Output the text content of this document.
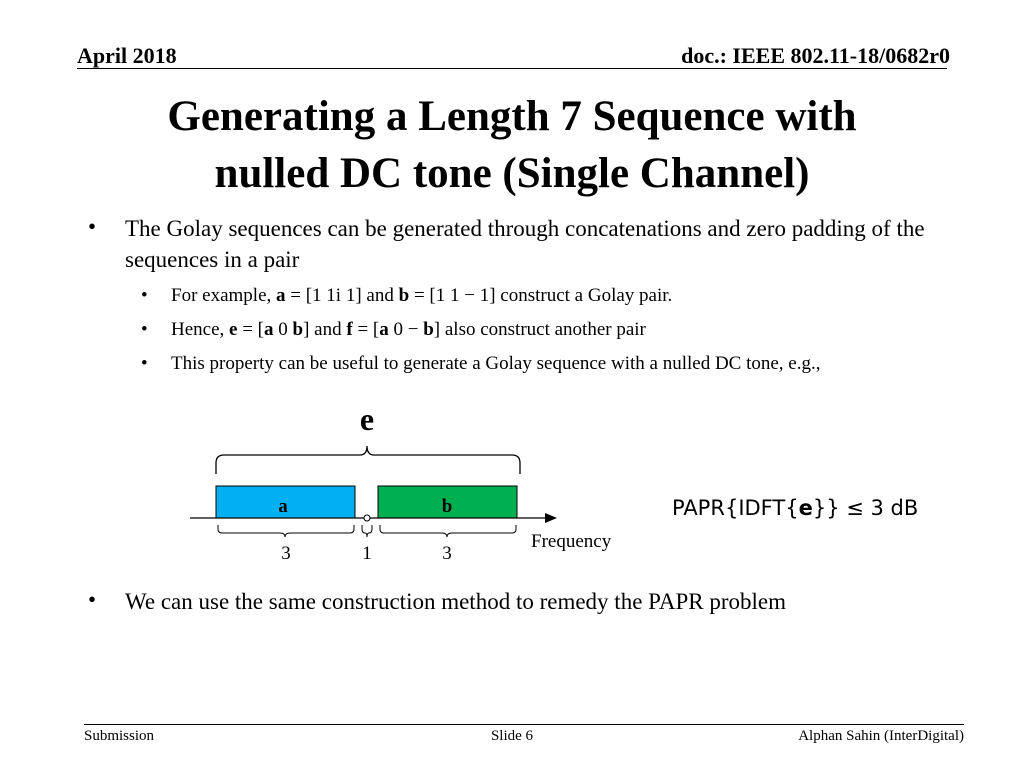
April 2018	doc.: IEEE 802.11-18/0682r0
Generating a Length 7 Sequence with
nulled DC tone (Single Channel)
• The Golay sequences can be generated through concatenations and zero padding of the sequences in a pair
• For example, a = [1 1i 1] and b = [1 1 − 1] construct a Golay pair.
• Hence, e = [a 0 b] and f = [a 0 − b] also construct another pair
• This property can be useful to generate a Golay sequence with a nulled DC tone, e.g.,
e
a	b
3	1	3
Frequency
PAPR{IDFT{e}} ≤ 3 dB
• We can use the same construction method to remedy the PAPR problem
Submission	Slide 6	Alphan Sahin (InterDigital)
